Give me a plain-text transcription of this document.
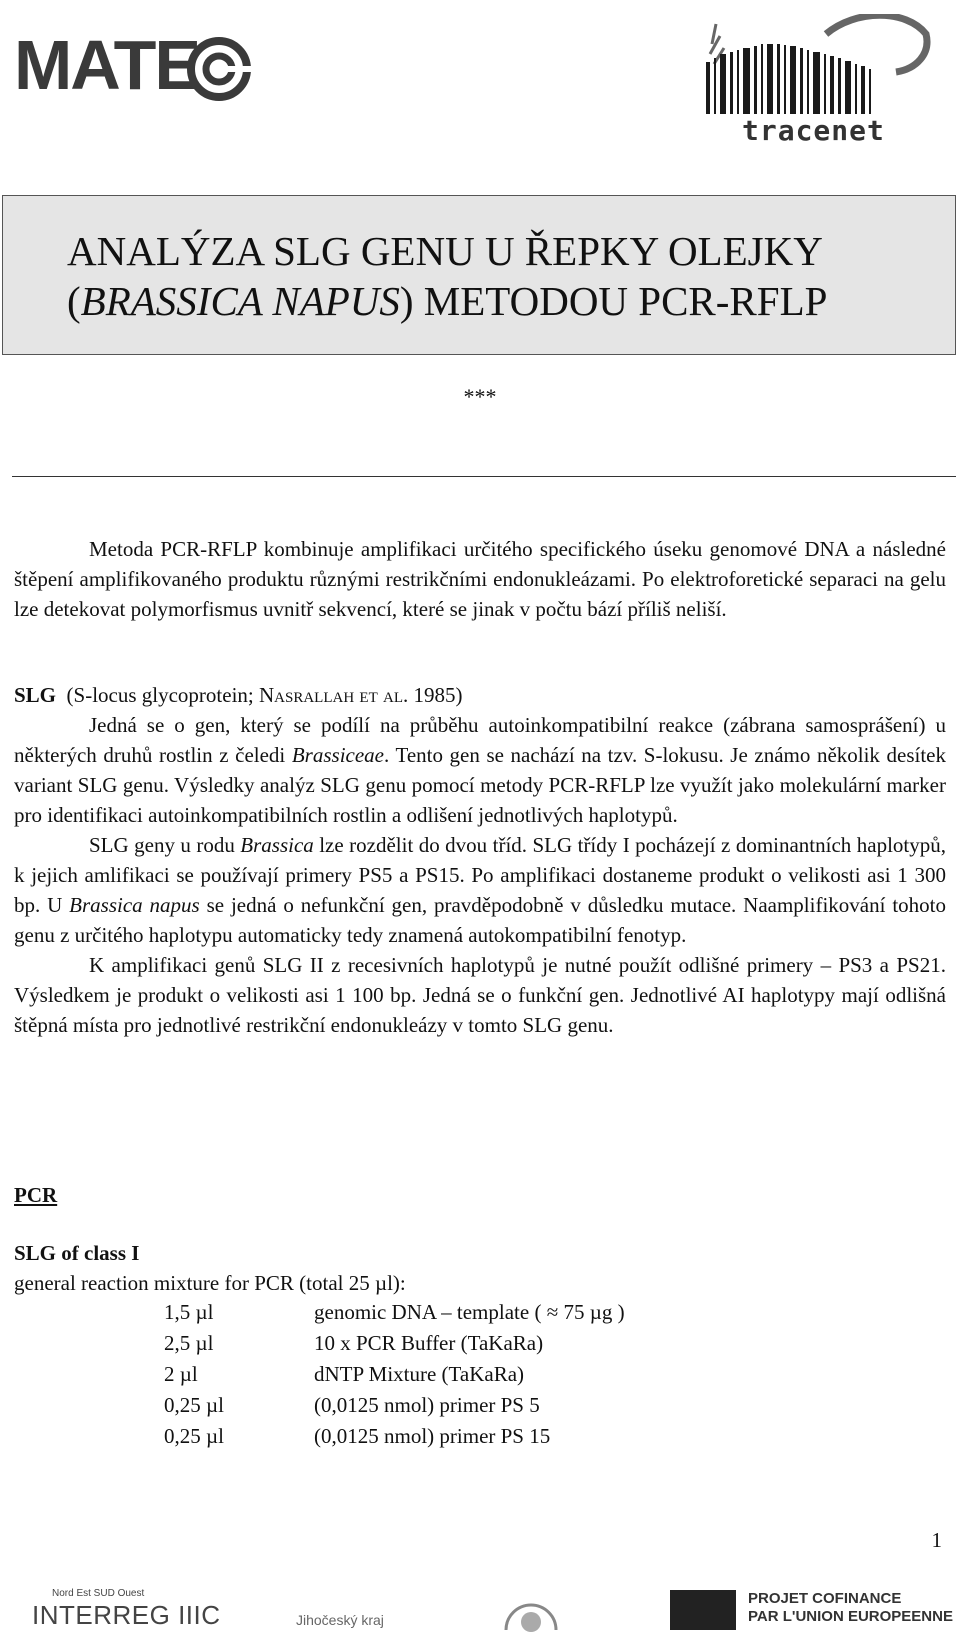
MATE
tracenet
ANALÝZA SLG GENU U ŘEPKY OLEJKY
(BRASSICA NAPUS) METODOU PCR-RFLP
***

Metoda PCR-RFLP kombinuje amplifikaci určitého specifického úseku genomové DNA a následné štěpení amplifikovaného produktu různými restrikčními endonukleázami. Po elektroforetické separaci na gelu lze detekovat polymorfismus uvnitř sekvencí, které se jinak v počtu bází příliš neliší.

SLG (S-locus glycoprotein; Nasrallah et al. 1985)

Jedná se o gen, který se podílí na průběhu autoinkompatibilní reakce (zábrana samosprášení) u některých druhů rostlin z čeledi Brassiceae. Tento gen se nachází na tzv. S-lokusu. Je známo několik desítek variant SLG genu. Výsledky analýz SLG genu pomocí metody PCR-RFLP lze využít jako molekulární marker pro identifikaci autoinkompatibilních rostlin a odlišení jednotlivých haplotypů.

SLG geny u rodu Brassica lze rozdělit do dvou tříd. SLG třídy I pocházejí z dominantních haplotypů, k jejich amlifikaci se používají primery PS5 a PS15. Po amplifikaci dostaneme produkt o velikosti asi 1 300 bp. U Brassica napus se jedná o nefunkční gen, pravděpodobně v důsledku mutace. Naamplifikování tohoto genu z určitého haplotypu automaticky tedy znamená autokompatibilní fenotyp.

K amplifikaci genů SLG II z recesivních haplotypů je nutné použít odlišné primery – PS3 a PS21. Výsledkem je produkt o velikosti asi 1 100 bp. Jedná se o funkční gen. Jednotlivé AI haplotypy mají odlišná štěpná místa pro jednotlivé restrikční endonukleázy v tomto SLG genu.

PCR

SLG of class I

general reaction mixture for PCR (total 25 µl):

1,5 µl	genomic DNA – template ( ≈ 75 µg )
2,5 µl	10 x PCR Buffer (TaKaRa)
2 µl	dNTP Mixture (TaKaRa)
0,25 µl	(0,0125 nmol) primer PS 5
0,25 µl	(0,0125 nmol) primer PS 15
1
Nord Est SUD Ouest
INTERREG IIIC	Jihočeský kraj
PROJET COFINANCE
PAR L'UNION EUROPEENNE
